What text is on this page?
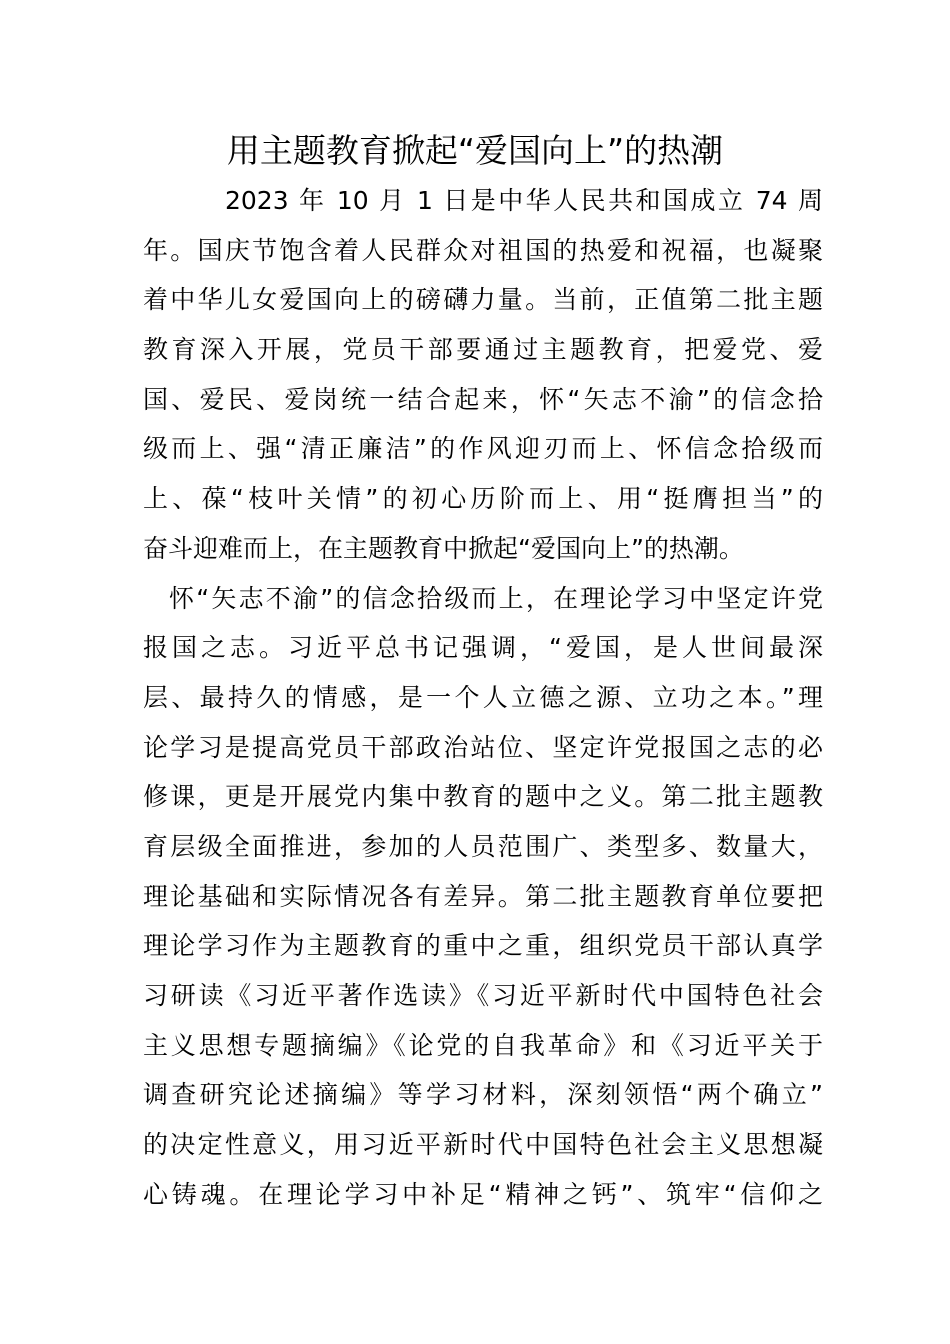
用主题教育掀起“爱国向上”的热潮
2023 年 10 月 1 日是中华人民共和国成立 74 周
年。国庆节饱含着人民群众对祖国的热爱和祝福，也凝聚
着中华儿女爱国向上的磅礴力量。当前，正值第二批主题
教育深入开展，党员干部要通过主题教育，把爱党、爱
国、爱民、爱岗统一结合起来，怀“矢志不渝”的信念拾
级而上、强“清正廉洁”的作风迎刃而上、怀信念拾级而
上、葆“枝叶关情”的初心历阶而上、用“挺膺担当”的
奋斗迎难而上，在主题教育中掀起“爱国向上”的热潮。
怀“矢志不渝”的信念拾级而上，在理论学习中坚定许党
报国之志。习近平总书记强调，“爱国，是人世间最深
层、最持久的情感，是一个人立德之源、立功之本。”理
论学习是提高党员干部政治站位、坚定许党报国之志的必
修课，更是开展党内集中教育的题中之义。第二批主题教
育层级全面推进，参加的人员范围广、类型多、数量大，
理论基础和实际情况各有差异。第二批主题教育单位要把
理论学习作为主题教育的重中之重，组织党员干部认真学
习研读《习近平著作选读》《习近平新时代中国特色社会
主义思想专题摘编》《论党的自我革命》和《习近平关于
调查研究论述摘编》等学习材料，深刻领悟“两个确立”
的决定性意义，用习近平新时代中国特色社会主义思想凝
心铸魂。在理论学习中补足“精神之钙”、筑牢“信仰之
